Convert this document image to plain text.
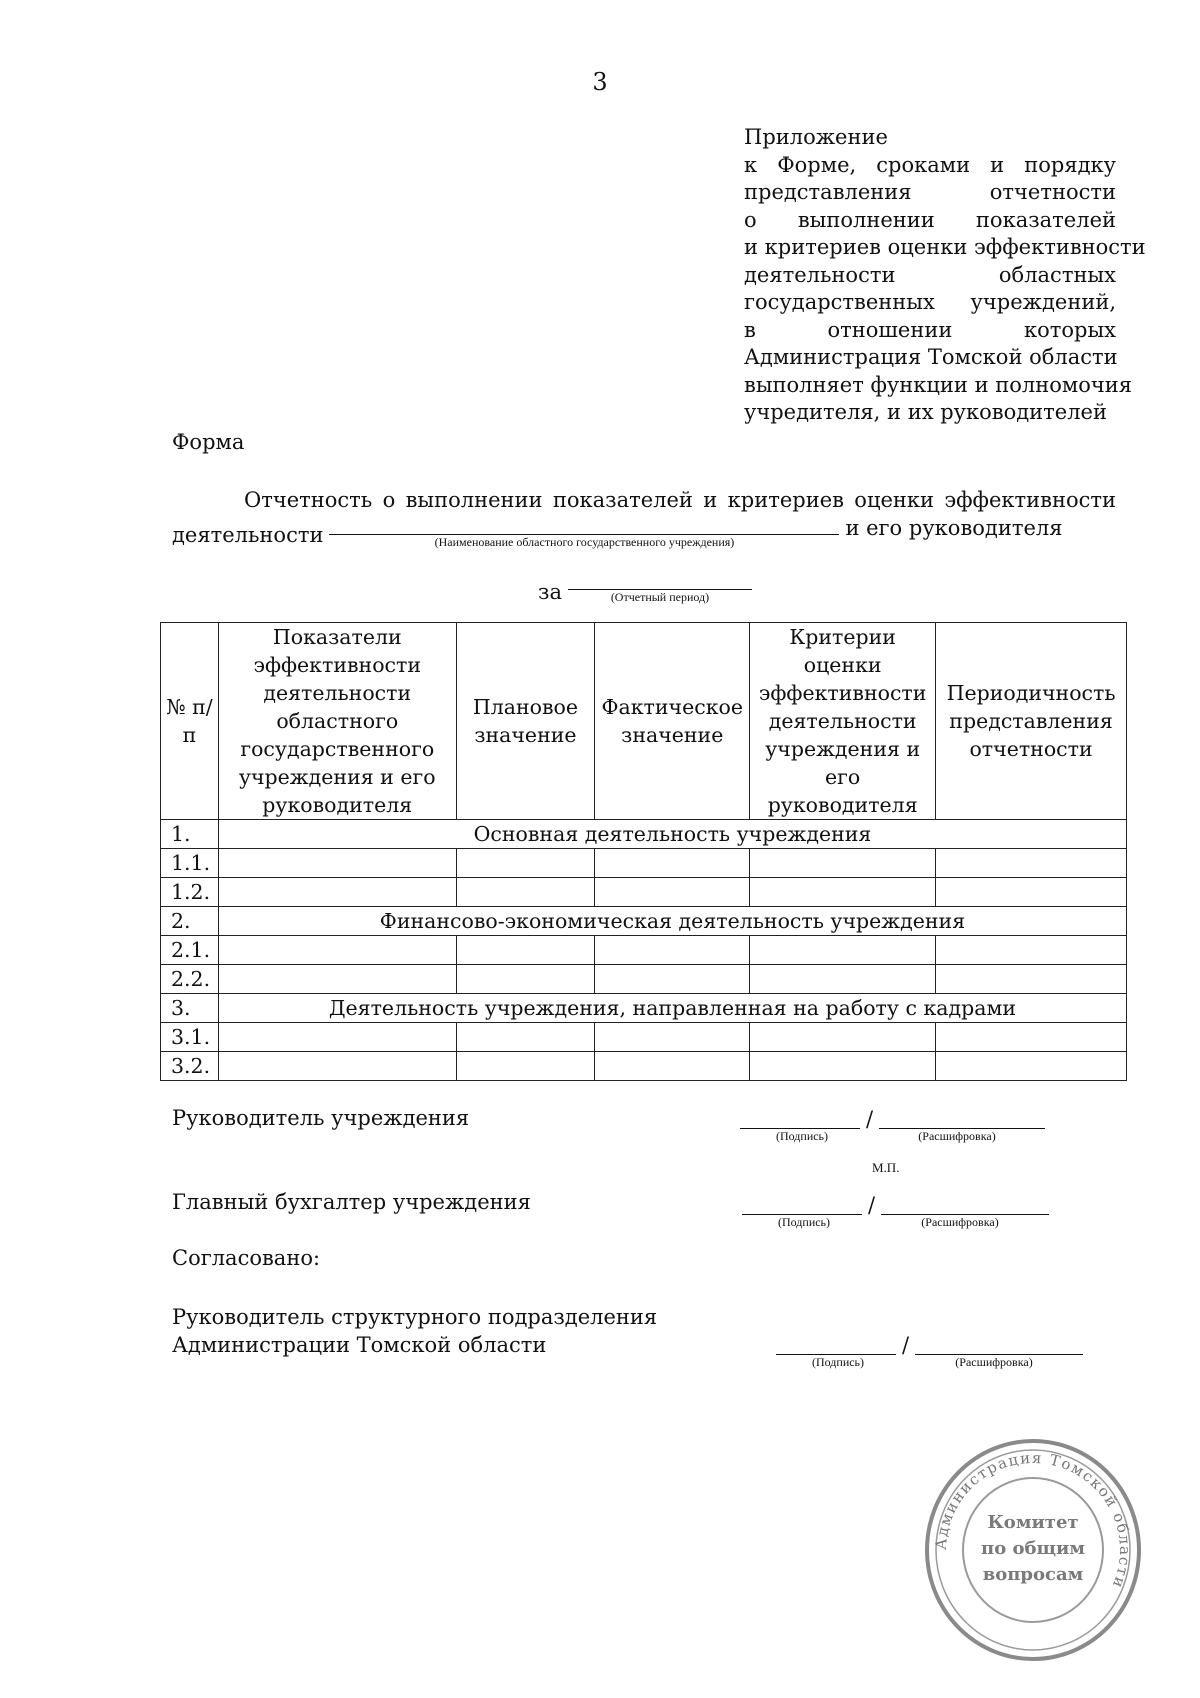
3
Приложение
к Форме, сроками и порядку
представления отчетности
о выполнении показателей
и критериев оценки эффективности
деятельности областных
государственных учреждений,
в отношении которых
Администрация Томской области
выполняет функции и полномочия
учредителя, и их руководителей
Форма
Отчетность о выполнении показателей и критериев оценки эффективности
деятельности	(Наименование областного государственного учреждения)
и его руководителя
за	(Отчетный период)
№ п/п	Показатели эффективности деятельности областного государственного учреждения и его руководителя	Плановое значение	Фактическое значение	Критерии оценки эффективности деятельности учреждения и его руководителя	Периодичность представления отчетности
1.	Основная деятельность учреждения				
1.1.					
1.2.					
2.	Финансово-экономическая деятельность учреждения				
2.1.					
2.2.					
3.	Деятельность учреждения, направленная на работу с кадрами				
3.1.					
3.2.					
Руководитель учреждения	/
(Подпись)	(Расшифровка)
М.П.
Главный бухгалтер учреждения	/
(Подпись)	(Расшифровка)
Согласовано:
Руководитель структурного подразделения
Администрации Томской области	/
(Подпись)	(Расшифровка)
Администрация Томской области
Комитет
по общим
вопросам
